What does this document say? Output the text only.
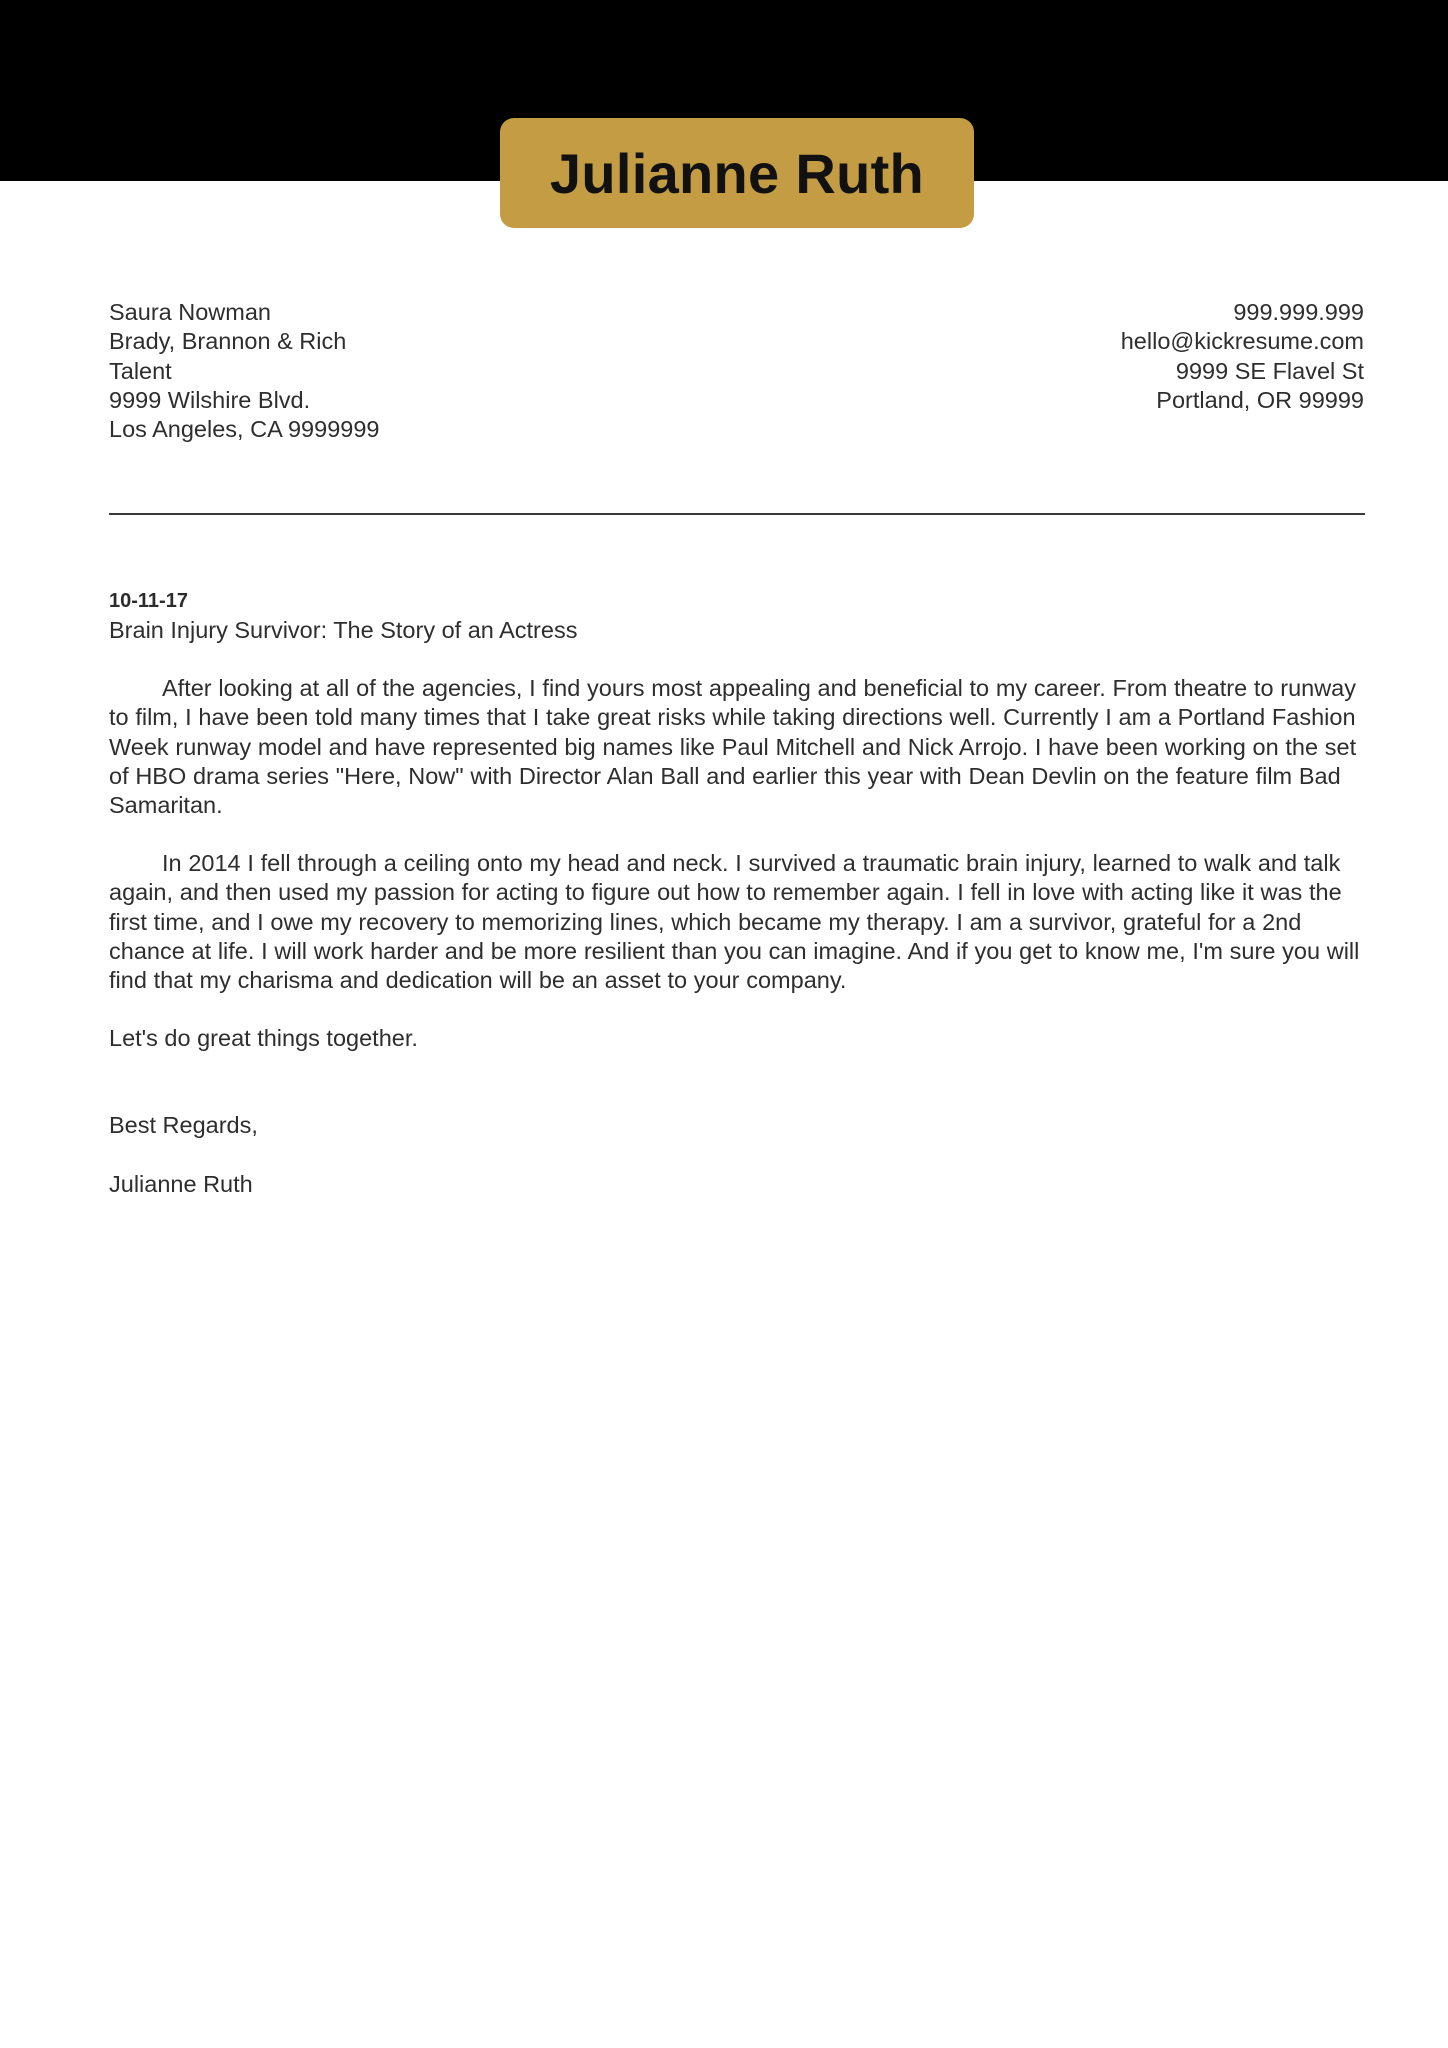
Julianne Ruth
Saura Nowman
Brady, Brannon & Rich
Talent
9999 Wilshire Blvd.
Los Angeles, CA 9999999
999.999.999
hello@kickresume.com
9999 SE Flavel St
Portland, OR 99999
10-11-17
Brain Injury Survivor: The Story of an Actress

After looking at all of the agencies, I find yours most appealing and beneficial to my career. From theatre to runway to film, I have been told many times that I take great risks while taking directions well. Currently I am a Portland Fashion Week runway model and have represented big names like Paul Mitchell and Nick Arrojo. I have been working on the set of HBO drama series "Here, Now" with Director Alan Ball and earlier this year with Dean Devlin on the feature film Bad Samaritan.

In 2014 I fell through a ceiling onto my head and neck. I survived a traumatic brain injury, learned to walk and talk again, and then used my passion for acting to figure out how to remember again. I fell in love with acting like it was the first time, and I owe my recovery to memorizing lines, which became my therapy. I am a survivor, grateful for a 2nd chance at life. I will work harder and be more resilient than you can imagine. And if you get to know me, I'm sure you will find that my charisma and dedication will be an asset to your company.

Let's do great things together.
Best Regards,
Julianne Ruth
